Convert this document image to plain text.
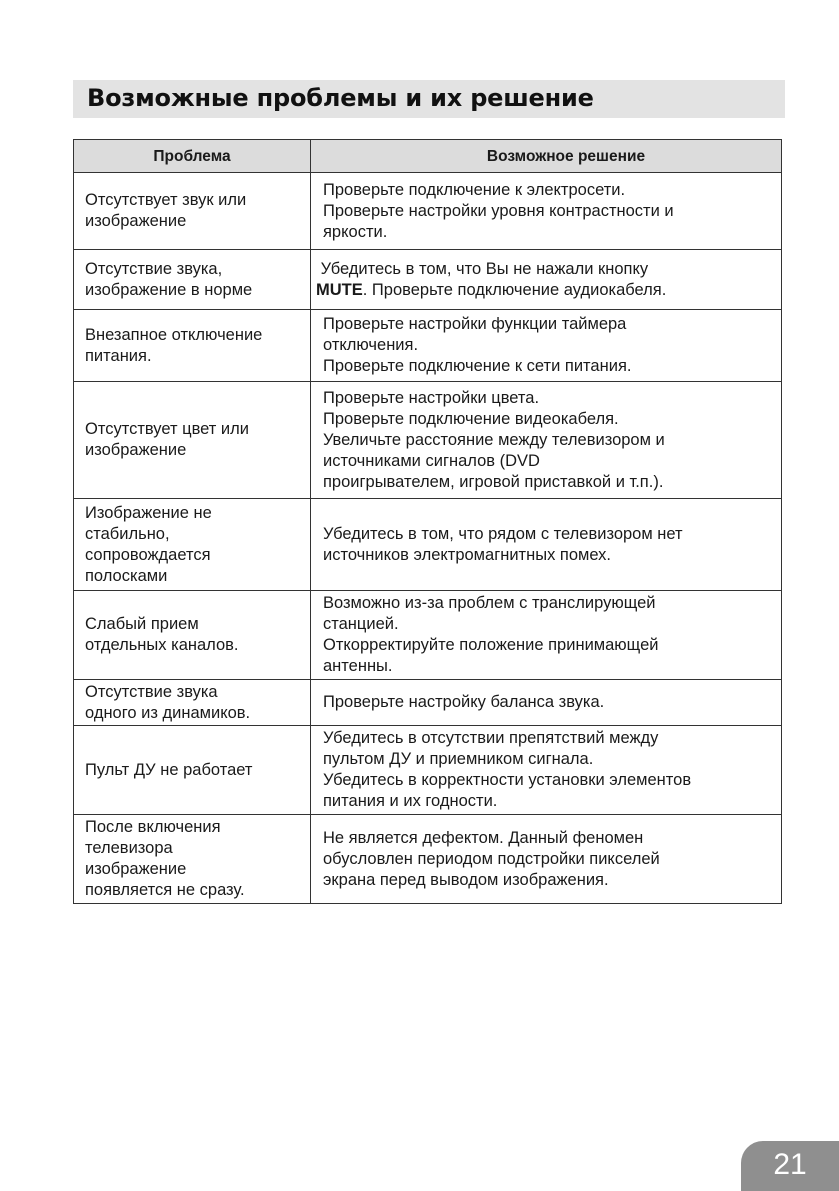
Возможные проблемы и их решение
Проблема	Возможное решение

Отсутствует звук или
изображение	Проверьте подключение к электросети.
Проверьте настройки уровня контрастности и
яркости.

Отсутствие звука,
изображение в норме	Убедитесь в том, что Вы не нажали кнопку
MUTE. Проверьте подключение аудиокабеля.

Внезапное отключение
питания.	Проверьте настройки функции таймера
отключения.
Проверьте подключение к сети питания.

Отсутствует цвет или
изображение	Проверьте настройки цвета.
Проверьте подключение видеокабеля.
Увеличьте расстояние между телевизором и
источниками сигналов (DVD
проигрывателем, игровой приставкой и т.п.).

Изображение не
стабильно,
сопровождается
полосками	Убедитесь в том, что рядом с телевизором нет
источников электромагнитных помех.

Слабый прием
отдельных каналов.	Возможно из-за проблем с транслирующей
станцией.
Откорректируйте положение принимающей
антенны.

Отсутствие звука
одного из динамиков.	Проверьте настройку баланса звука.

Пульт ДУ не работает	Убедитесь в отсутствии препятствий между
пультом ДУ и приемником сигнала.
Убедитесь в корректности установки элементов
питания и их годности.

После включения
телевизора
изображение
появляется не сразу.	Не является дефектом. Данный феномен
обусловлен периодом подстройки пикселей
экрана перед выводом изображения.
21
